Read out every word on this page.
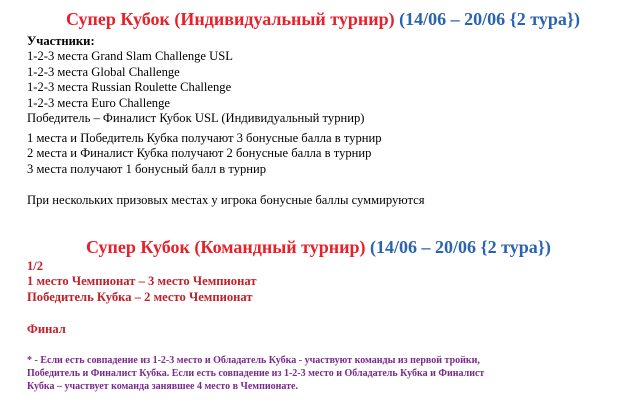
Супер Кубок (Индивидуальный турнир) (14/06 – 20/06 {2 тура})
Участники:
1-2-3 места Grand Slam Challenge USL
1-2-3 места Global Challenge
1-2-3 места Russian Roulette Challenge
1-2-3 места Euro Challenge
Победитель – Финалист Кубок USL (Индивидуальный турнир)
1 места и Победитель Кубка получают 3 бонусные балла в турнир
2 места и Финалист Кубка получают 2 бонусные балла в турнир
3 места получают 1 бонусный балл в турнир
При нескольких призовых местах у игрока бонусные баллы суммируются
Супер Кубок (Командный турнир) (14/06 – 20/06 {2 тура})
1/2
1 место Чемпионат – 3 место Чемпионат
Победитель Кубка – 2 место Чемпионат
Финал
* - Если есть совпадение из 1-2-3 место и Обладатель Кубка - участвуют команды из первой тройки,
Победитель и Финалист Кубка. Если есть совпадение из 1-2-3 место и Обладатель Кубка и Финалист
Кубка – участвует команда занявшее 4 место в Чемпионате.
